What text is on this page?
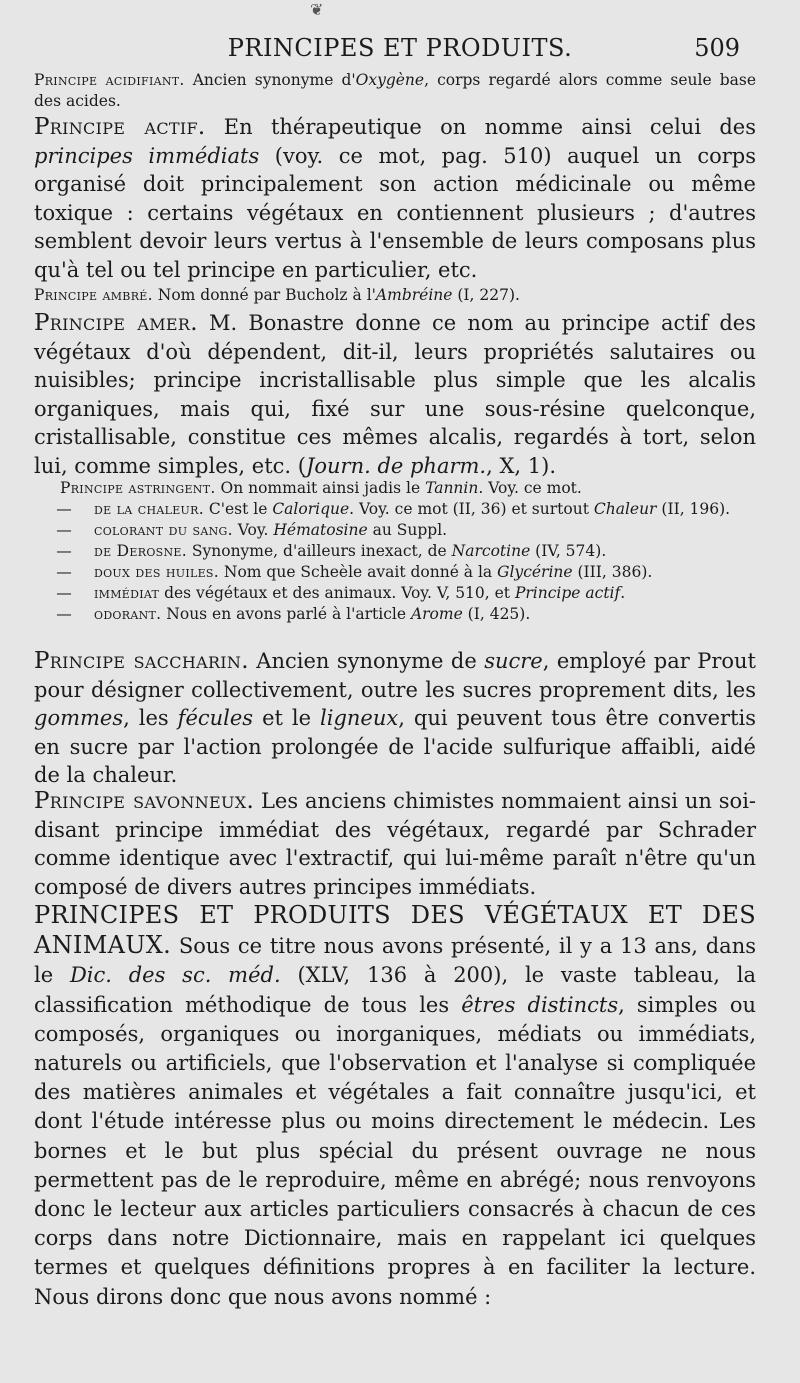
❦
PRINCIPES ET PRODUITS.	509
Principe acidifiant. Ancien synonyme d'Oxygène, corps regardé alors comme seule base des acides.
Principe actif. En thérapeutique on nomme ainsi celui des principes immédiats (voy. ce mot, pag. 510) auquel un corps organisé doit principalement son action médicinale ou même toxique : certains végétaux en contiennent plusieurs ; d'autres semblent devoir leurs vertus à l'ensemble de leurs composans plus qu'à tel ou tel principe en particulier, etc.
Principe ambré. Nom donné par Bucholz à l'Ambréine (I, 227).
Principe amer. M. Bonastre donne ce nom au principe actif des végétaux d'où dépendent, dit-il, leurs propriétés salutaires ou nuisibles; principe incristallisable plus simple que les alcalis organiques, mais qui, fixé sur une sous-résine quelconque, cristallisable, constitue ces mêmes alcalis, regardés à tort, selon lui, comme simples, etc. (Journ. de pharm., X, 1).
Principe astringent. On nommait ainsi jadis le Tannin. Voy. ce mot.
— de la chaleur. C'est le Calorique. Voy. ce mot (II, 36) et surtout Chaleur (II, 196).
— colorant du sang. Voy. Hématosine au Suppl.
— de Derosne. Synonyme, d'ailleurs inexact, de Narcotine (IV, 574).
— doux des huiles. Nom que Scheèle avait donné à la Glycérine (III, 386).
— immédiat des végétaux et des animaux. Voy. V, 510, et Principe actif.
— odorant. Nous en avons parlé à l'article Arome (I, 425).
Principe saccharin. Ancien synonyme de sucre, employé par Prout pour désigner collectivement, outre les sucres proprement dits, les gommes, les fécules et le ligneux, qui peuvent tous être convertis en sucre par l'action prolongée de l'acide sulfurique affaibli, aidé de la chaleur.
Principe savonneux. Les anciens chimistes nommaient ainsi un soi-disant principe immédiat des végétaux, regardé par Schrader comme identique avec l'extractif, qui lui-même paraît n'être qu'un composé de divers autres principes immédiats.
PRINCIPES ET PRODUITS DES VÉGÉTAUX ET DES ANIMAUX. Sous ce titre nous avons présenté, il y a 13 ans, dans le Dic. des sc. méd. (XLV, 136 à 200), le vaste tableau, la classification méthodique de tous les êtres distincts, simples ou composés, organiques ou inorganiques, médiats ou immédiats, naturels ou artificiels, que l'observation et l'analyse si compliquée des matières animales et végétales a fait connaître jusqu'ici, et dont l'étude intéresse plus ou moins directement le médecin. Les bornes et le but plus spécial du présent ouvrage ne nous permettent pas de le reproduire, même en abrégé; nous renvoyons donc le lecteur aux articles particuliers consacrés à chacun de ces corps dans notre Dictionnaire, mais en rappelant ici quelques termes et quelques définitions propres à en faciliter la lecture. Nous dirons donc que nous avons nommé :
